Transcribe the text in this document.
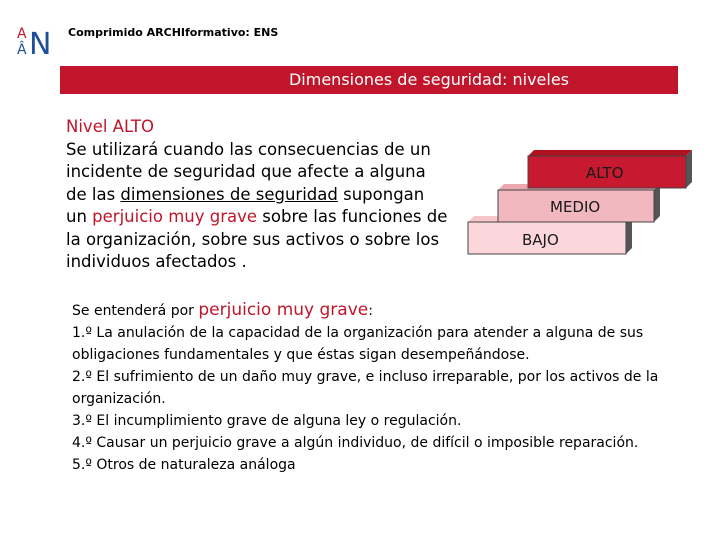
A
Â N Comprimido ARCHIformativo: ENS
Dimensiones de seguridad: niveles
Nivel ALTO
Se utilizará cuando las consecuencias de un incidente de seguridad que afecte a alguna de las dimensiones de seguridad supongan un perjuicio muy grave sobre las funciones de la organización, sobre sus activos o sobre los individuos afectados .
BAJO
MEDIO
ALTO
Se entenderá por perjuicio muy grave:
1.º La anulación de la capacidad de la organización para atender a alguna de sus obligaciones fundamentales y que éstas sigan desempeñándose.
2.º El sufrimiento de un daño muy grave, e incluso irreparable, por los activos de la organización.
3.º El incumplimiento grave de alguna ley o regulación.
4.º Causar un perjuicio grave a algún individuo, de difícil o imposible reparación.
5.º Otros de naturaleza análoga
